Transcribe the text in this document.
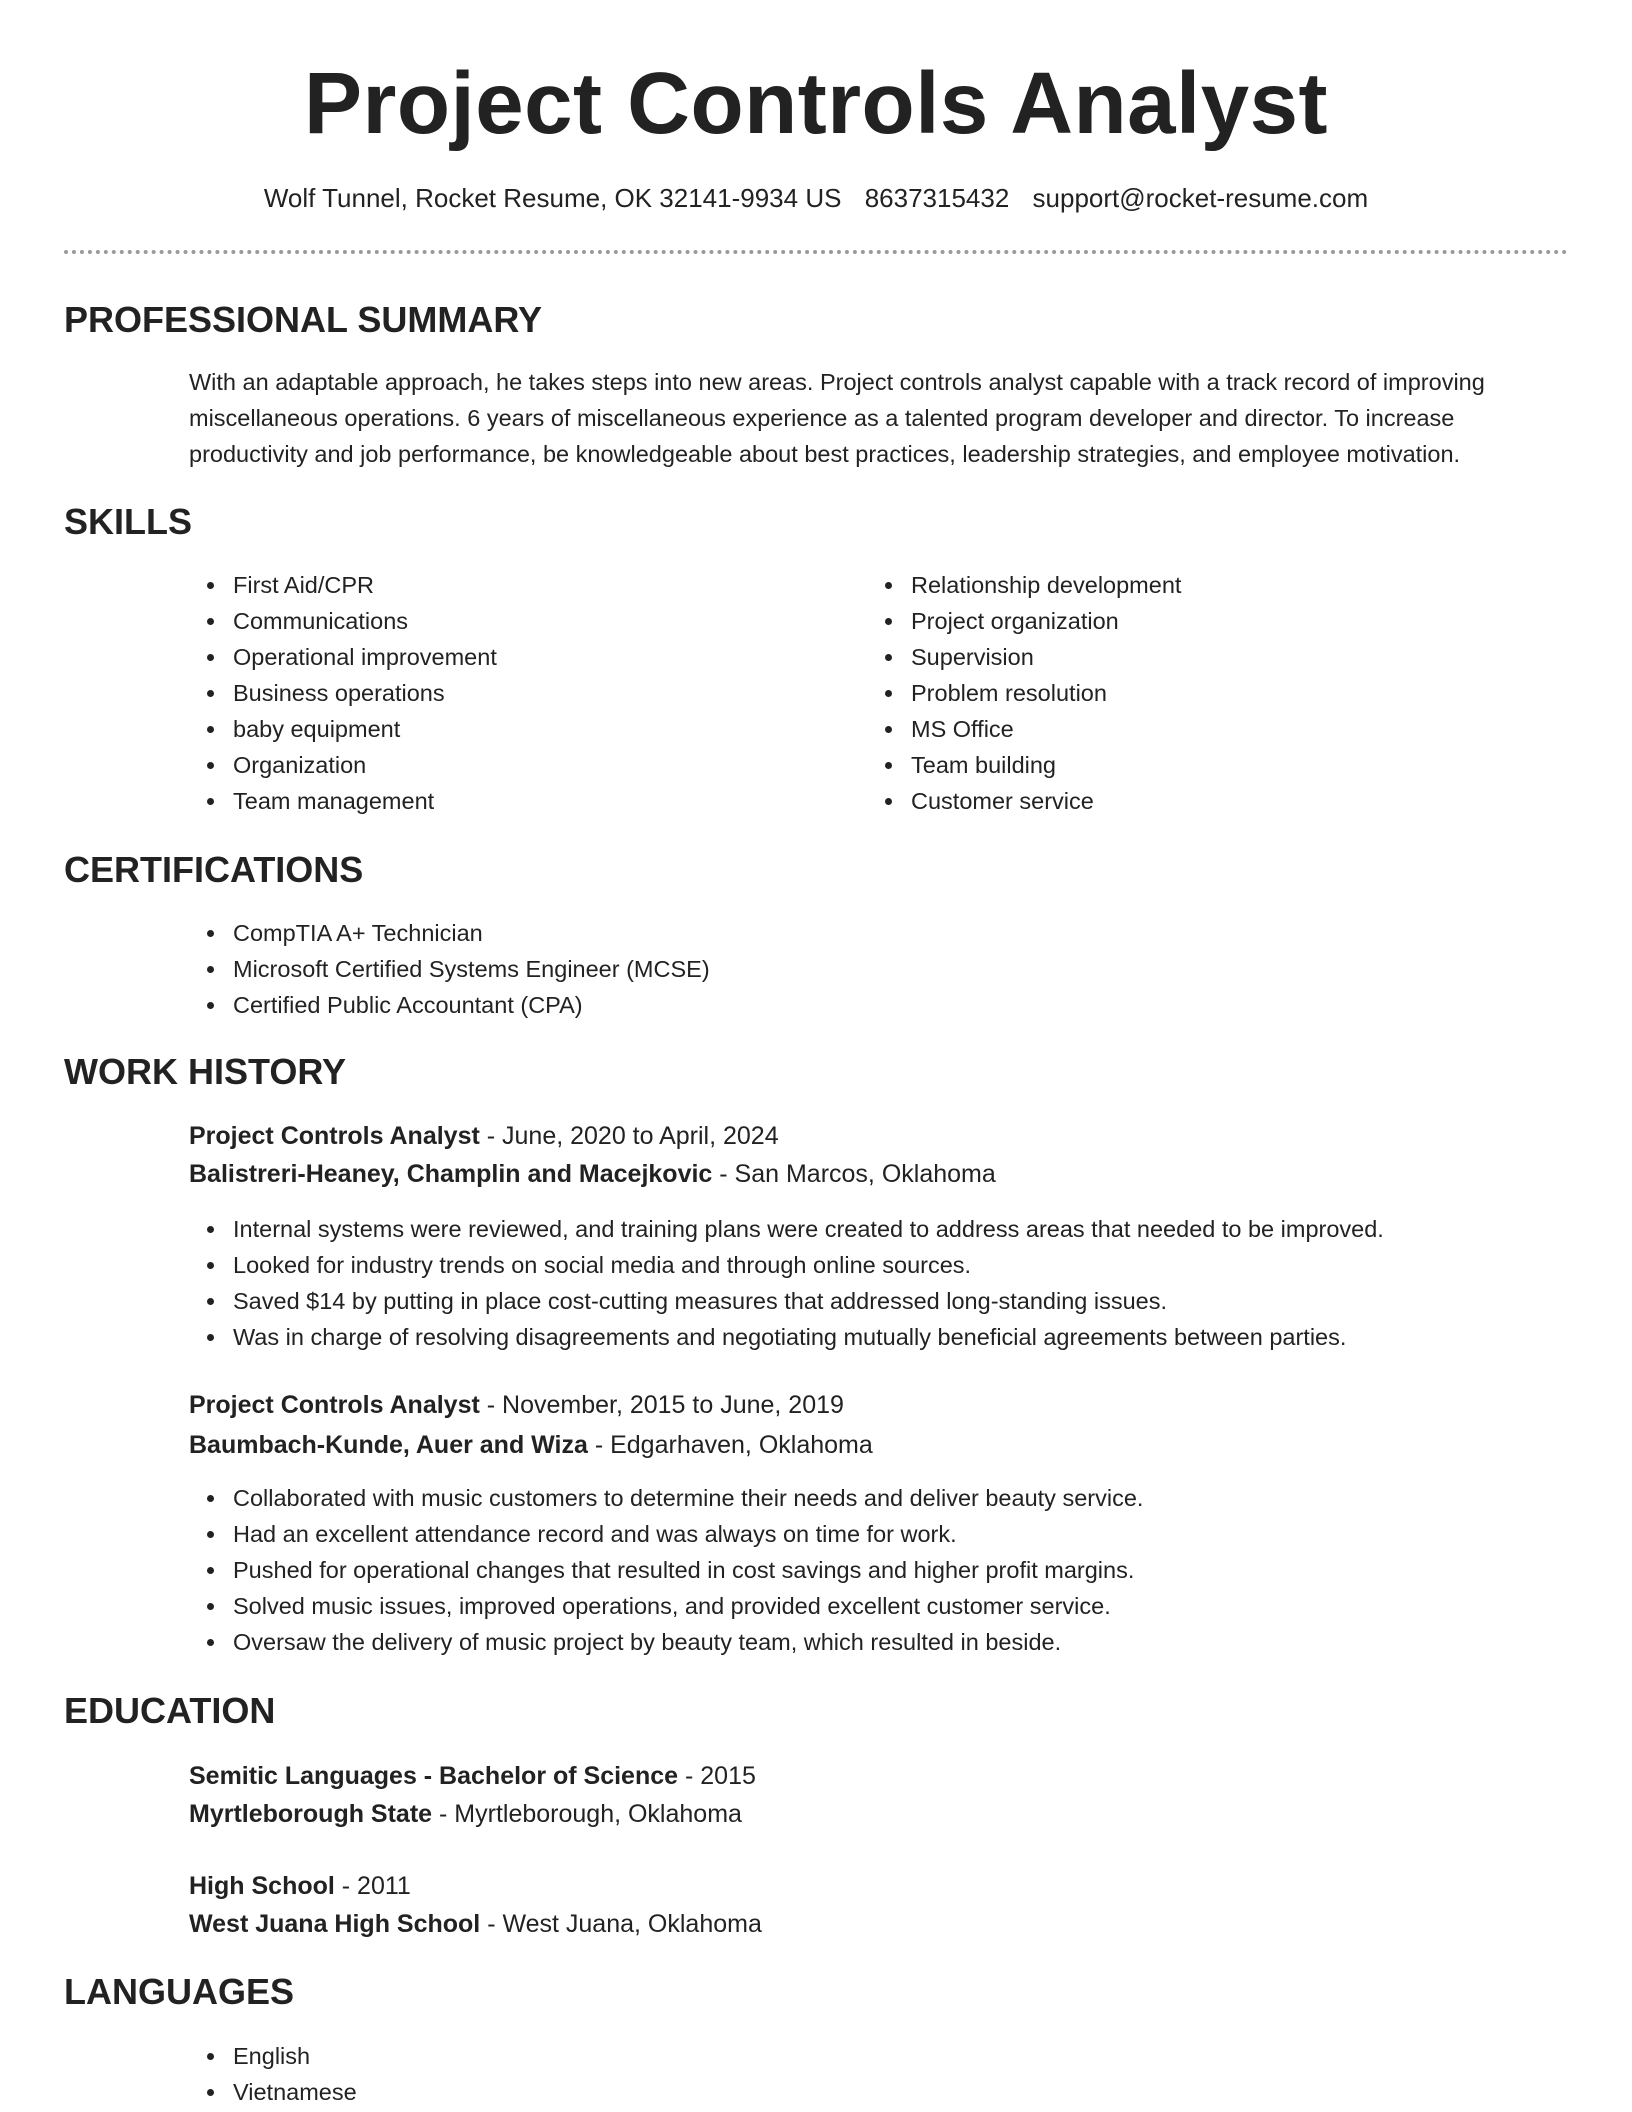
Project Controls Analyst
Wolf Tunnel, Rocket Resume, OK 32141-9934 US 8637315432 support@rocket-resume.com
PROFESSIONAL SUMMARY
With an adaptable approach, he takes steps into new areas. Project controls analyst capable with a track record of improving miscellaneous operations. 6 years of miscellaneous experience as a talented program developer and director. To increase productivity and job performance, be knowledgeable about best practices, leadership strategies, and employee motivation.
SKILLS
First Aid/CPR
Communications
Operational improvement
Business operations
baby equipment
Organization
Team management
Relationship development
Project organization
Supervision
Problem resolution
MS Office
Team building
Customer service
CERTIFICATIONS
CompTIA A+ Technician
Microsoft Certified Systems Engineer (MCSE)
Certified Public Accountant (CPA)
WORK HISTORY
Project Controls Analyst - June, 2020 to April, 2024
Balistreri-Heaney, Champlin and Macejkovic - San Marcos, Oklahoma
Internal systems were reviewed, and training plans were created to address areas that needed to be improved.
Looked for industry trends on social media and through online sources.
Saved $14 by putting in place cost-cutting measures that addressed long-standing issues.
Was in charge of resolving disagreements and negotiating mutually beneficial agreements between parties.
Project Controls Analyst - November, 2015 to June, 2019
Baumbach-Kunde, Auer and Wiza - Edgarhaven, Oklahoma
Collaborated with music customers to determine their needs and deliver beauty service.
Had an excellent attendance record and was always on time for work.
Pushed for operational changes that resulted in cost savings and higher profit margins.
Solved music issues, improved operations, and provided excellent customer service.
Oversaw the delivery of music project by beauty team, which resulted in beside.
EDUCATION
Semitic Languages - Bachelor of Science - 2015
Myrtleborough State - Myrtleborough, Oklahoma
High School - 2011
West Juana High School - West Juana, Oklahoma
LANGUAGES
English
Vietnamese
